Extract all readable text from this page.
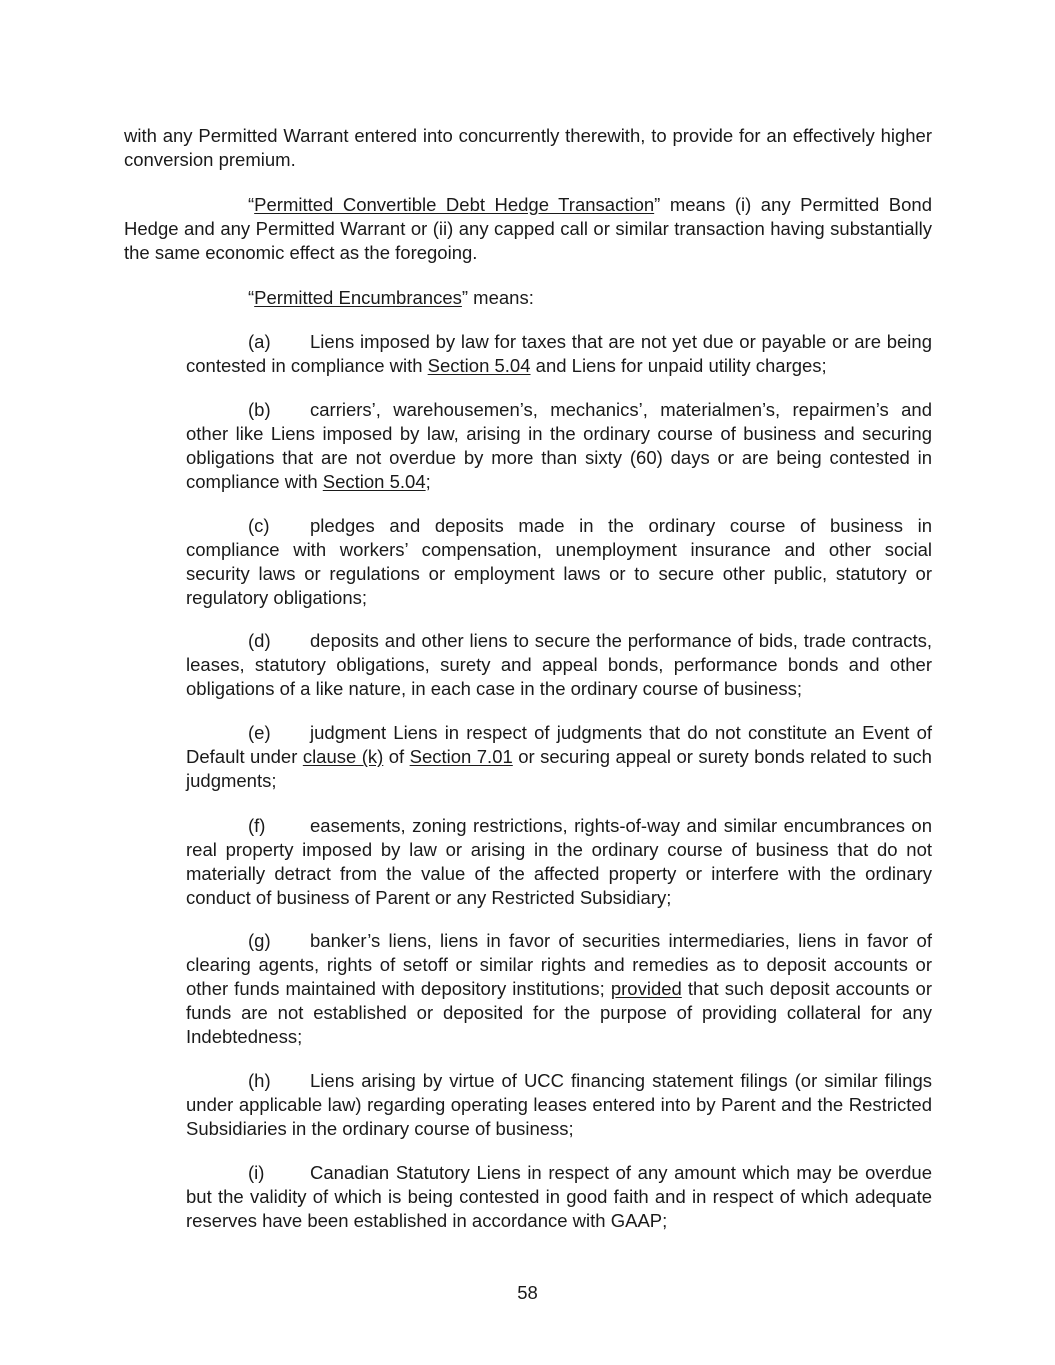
with any Permitted Warrant entered into concurrently therewith, to provide for an effectively higher conversion premium.

“Permitted Convertible Debt Hedge Transaction” means (i) any Permitted Bond Hedge and any Permitted Warrant or (ii) any capped call or similar transaction having substantially the same economic effect as the foregoing.

“Permitted Encumbrances” means:

(a) Liens imposed by law for taxes that are not yet due or payable or are being contested in compliance with Section 5.04 and Liens for unpaid utility charges;

(b) carriers’, warehousemen’s, mechanics’, materialmen’s, repairmen’s and other like Liens imposed by law, arising in the ordinary course of business and securing obligations that are not overdue by more than sixty (60) days or are being contested in compliance with Section 5.04;

(c) pledges and deposits made in the ordinary course of business in compliance with workers’ compensation, unemployment insurance and other social security laws or regulations or employment laws or to secure other public, statutory or regulatory obligations;

(d) deposits and other liens to secure the performance of bids, trade contracts, leases, statutory obligations, surety and appeal bonds, performance bonds and other obligations of a like nature, in each case in the ordinary course of business;

(e) judgment Liens in respect of judgments that do not constitute an Event of Default under clause (k) of Section 7.01 or securing appeal or surety bonds related to such judgments;

(f) easements, zoning restrictions, rights-of-way and similar encumbrances on real property imposed by law or arising in the ordinary course of business that do not materially detract from the value of the affected property or interfere with the ordinary conduct of business of Parent or any Restricted Subsidiary;

(g) banker’s liens, liens in favor of securities intermediaries, liens in favor of clearing agents, rights of setoff or similar rights and remedies as to deposit accounts or other funds maintained with depository institutions; provided that such deposit accounts or funds are not established or deposited for the purpose of providing collateral for any Indebtedness;

(h) Liens arising by virtue of UCC financing statement filings (or similar filings under applicable law) regarding operating leases entered into by Parent and the Restricted Subsidiaries in the ordinary course of business;

(i) Canadian Statutory Liens in respect of any amount which may be overdue but the validity of which is being contested in good faith and in respect of which adequate reserves have been established in accordance with GAAP;

58
